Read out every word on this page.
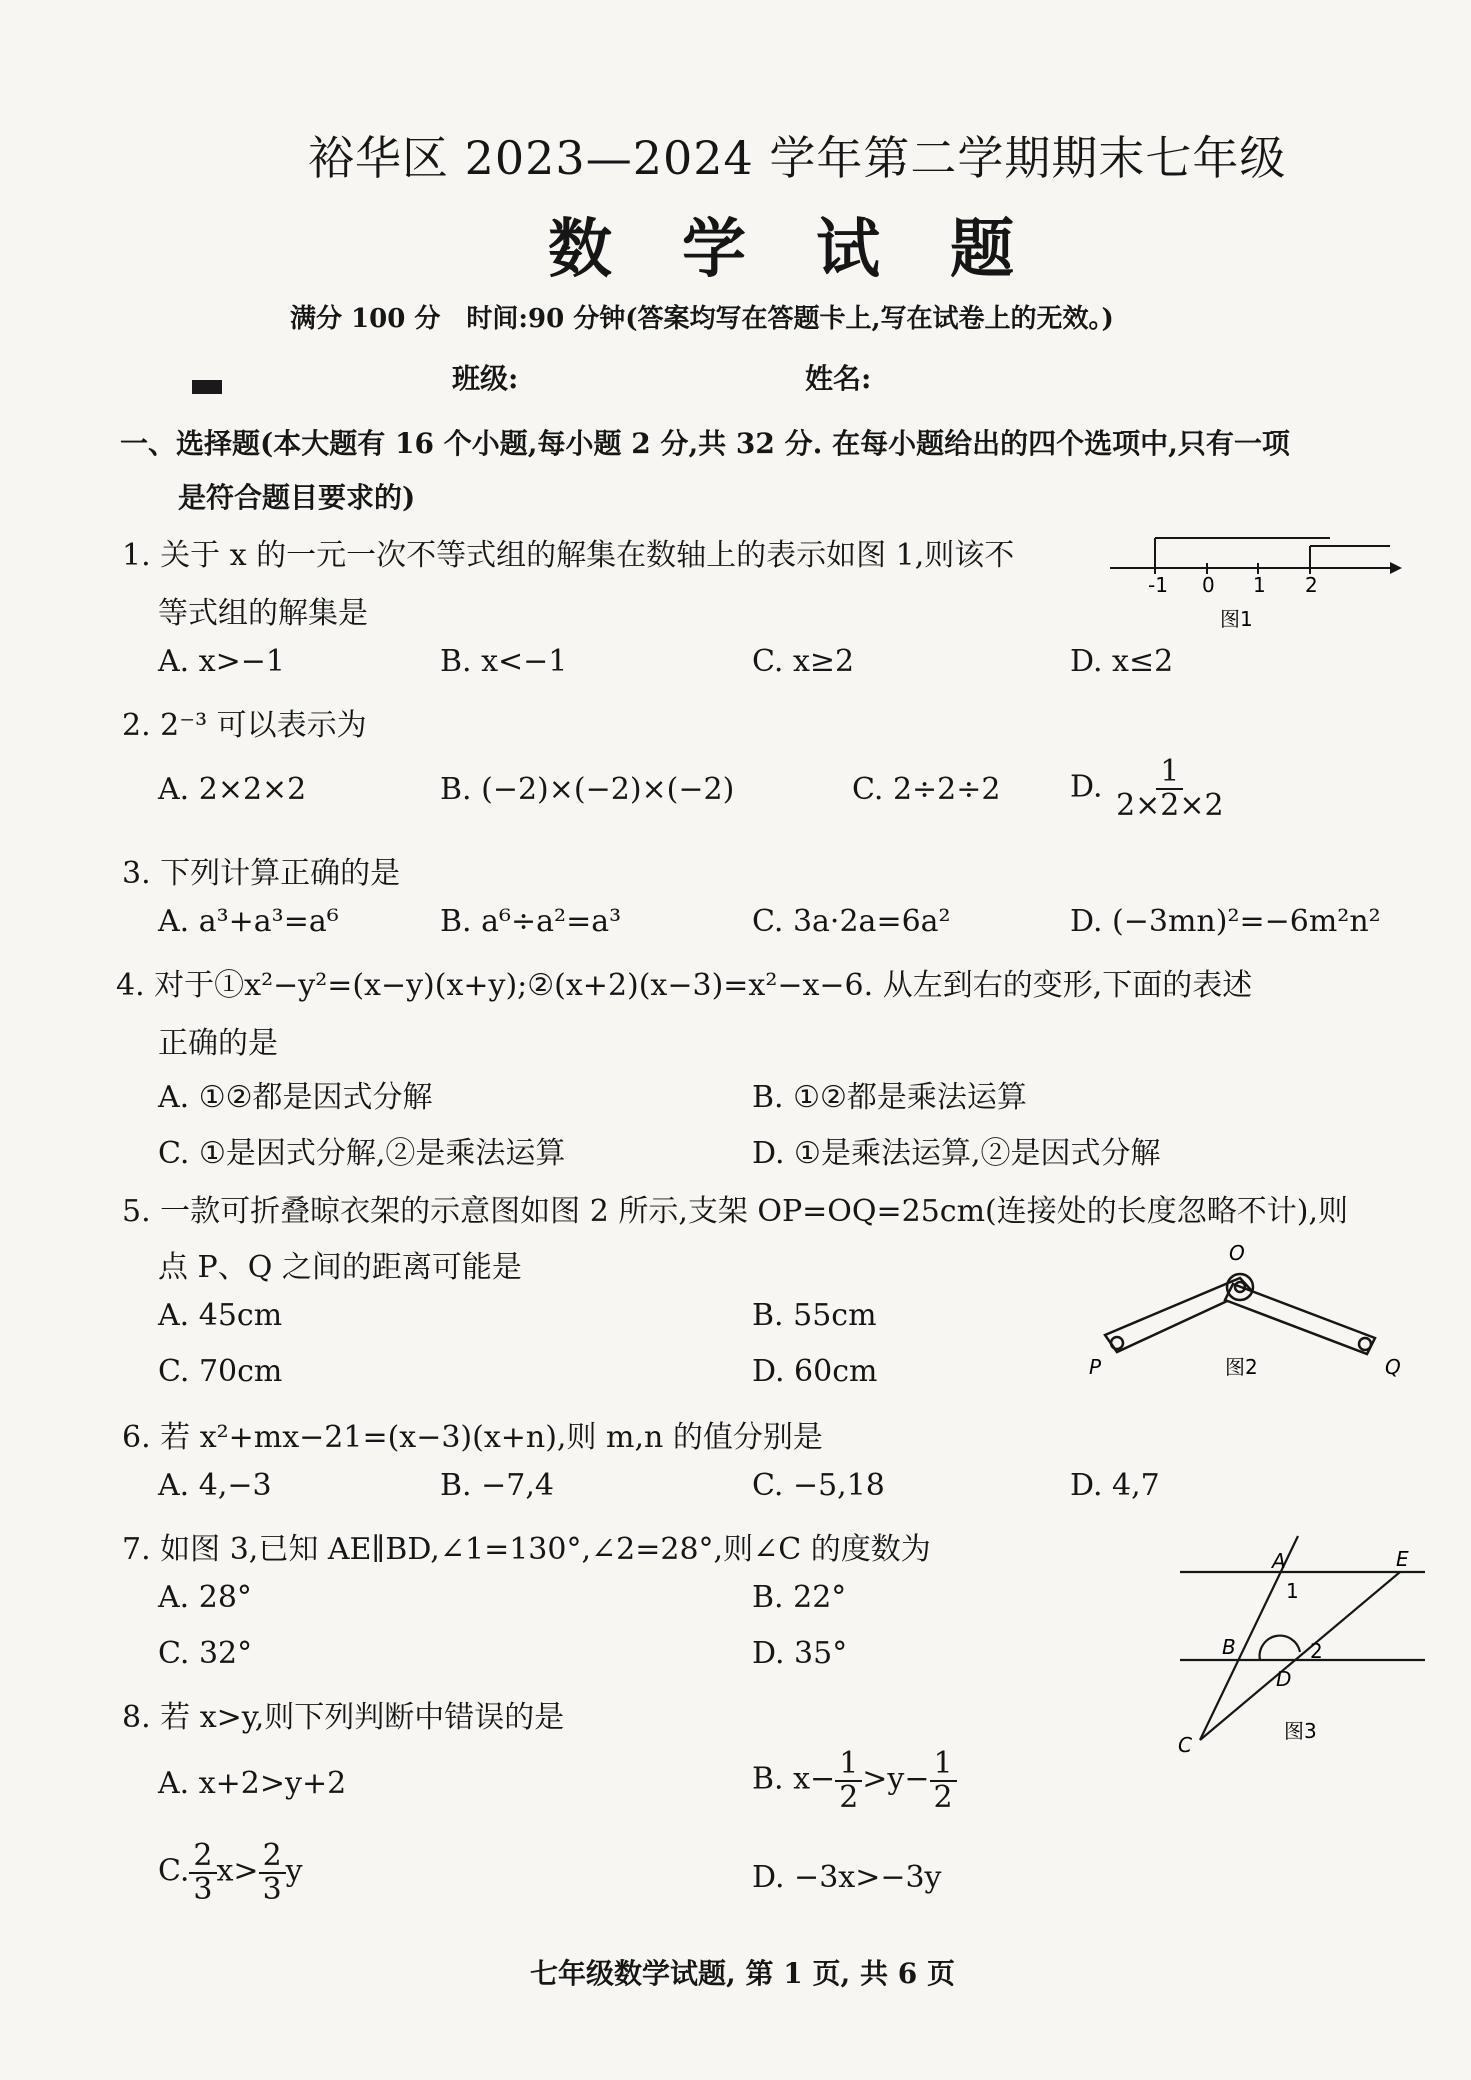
裕华区 2023—2024 学年第二学期期末七年级
数学试题
满分 100 分　时间:90 分钟(答案均写在答题卡上,写在试卷上的无效。)
班级:	姓名:
一、选择题(本大题有 16 个小题,每小题 2 分,共 32 分. 在每小题给出的四个选项中,只有一项
是符合题目要求的)
1. 关于 x 的一元一次不等式组的解集在数轴上的表示如图 1,则该不
等式组的解集是
A. x>−1	B. x<−1	C. x≥2	D. x≤2
-1 0 1 2
图1
2. 2⁻³ 可以表示为
A. 2×2×2	B. (−2)×(−2)×(−2)	C. 2÷2÷2 D. $\frac{1}{2\times 2\times 2}$
3. 下列计算正确的是
A. a³+a³=a⁶	B. a⁶÷a²=a³	C. 3a·2a=6a²	D. (−3mn)²=−6m²n²
4. 对于①x²−y²=(x−y)(x+y);②(x+2)(x−3)=x²−x−6. 从左到右的变形,下面的表述
正确的是
A. ①②都是因式分解	B. ①②都是乘法运算
C. ①是因式分解,②是乘法运算	D. ①是乘法运算,②是因式分解
5. 一款可折叠晾衣架的示意图如图 2 所示,支架 OP=OQ=25cm(连接处的长度忽略不计),则
点 P、Q 之间的距离可能是
A. 45cm	B. 55cm
C. 70cm	D. 60cm
O
P	Q
图2
6. 若 x²+mx−21=(x−3)(x+n),则 m,n 的值分别是
A. 4,−3	B. −7,4	C. −5,18	D. 4,7
7. 如图 3,已知 AE∥BD,∠1=130°,∠2=28°,则∠C 的度数为
A. 28°	B. 22°
C. 32°	D. 35°
A	E
B
D
C
1
2
图3
8. 若 x>y,则下列判断中错误的是
A. x+2>y+2	B. $x- \frac{1}{2} >y- \frac{1}{2}$
C. $\frac{2}{3} x> \frac{2}{3}$ y	D. −3x>−3y
七年级数学试题, 第 1 页, 共 6 页
